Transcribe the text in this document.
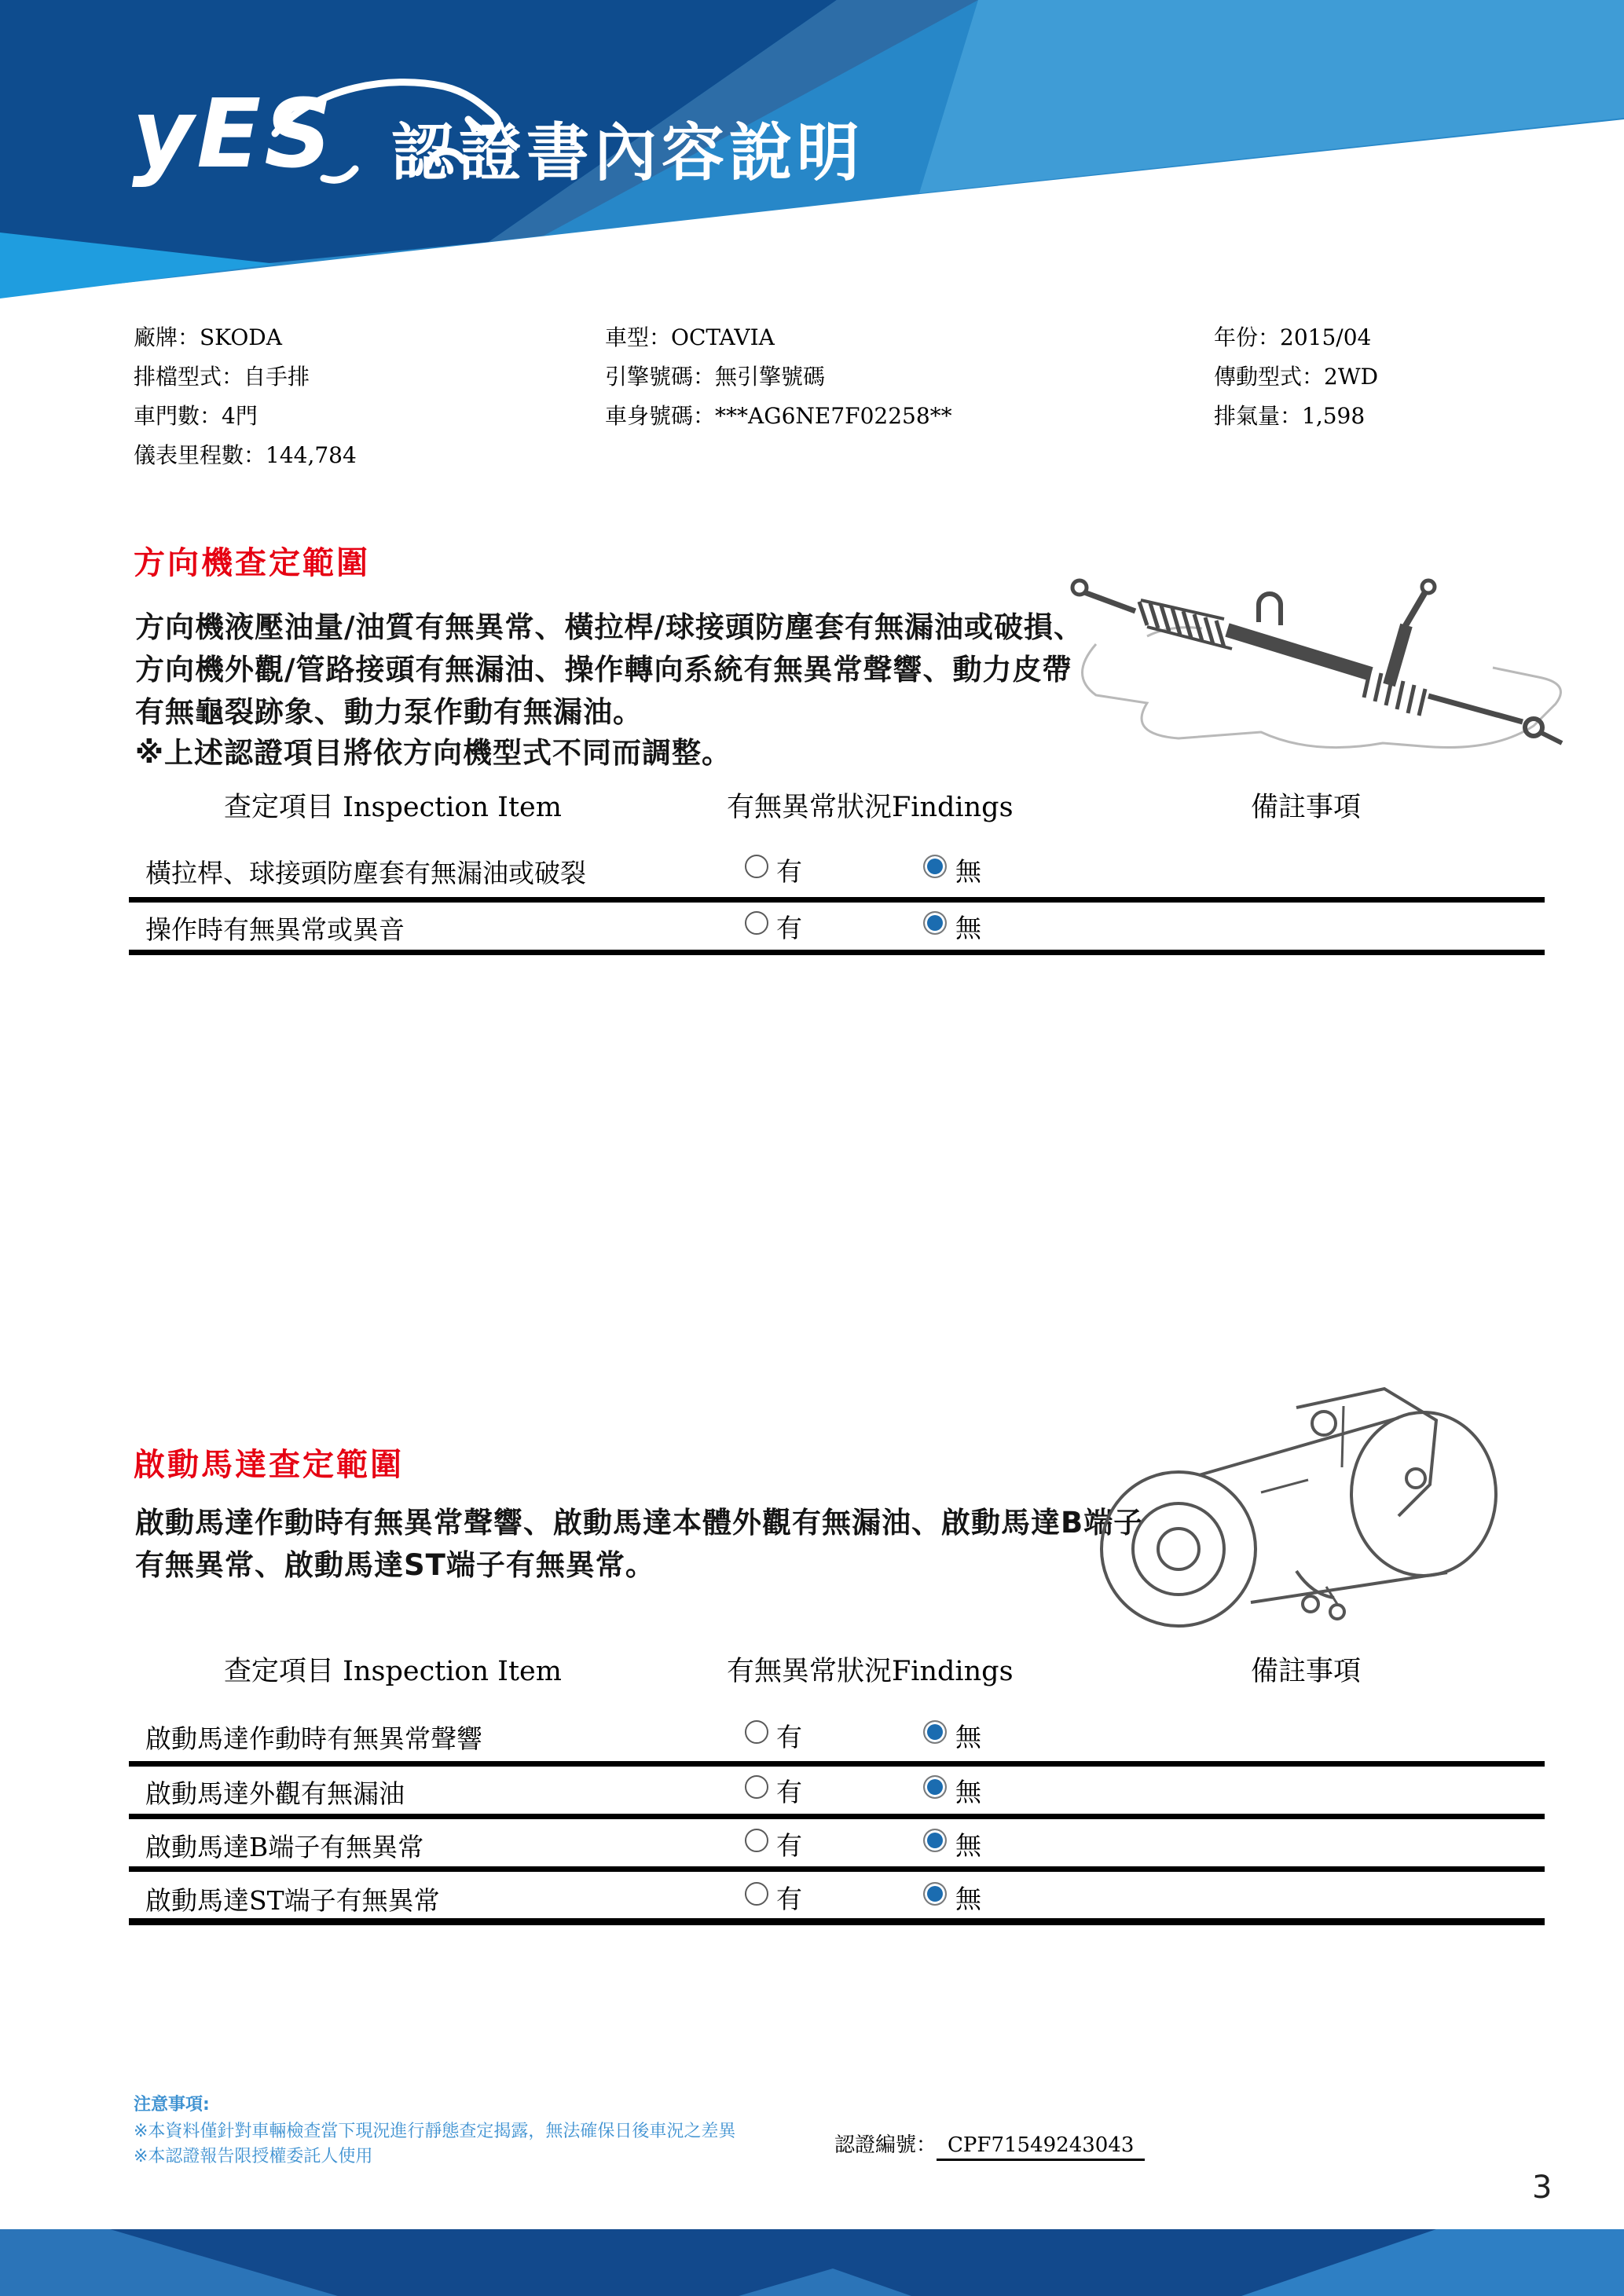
yES 認證書內容說明
廠牌：SKODA
排檔型式：自手排
車門數：4門
儀表里程數：144,784
車型：OCTAVIA
引擎號碼：無引擎號碼
車身號碼：***AG6NE7F02258**
年份：2015/04
傳動型式：2WD
排氣量：1,598
方向機查定範圍
方向機液壓油量/油質有無異常、橫拉桿/球接頭防塵套有無漏油或破損、
方向機外觀/管路接頭有無漏油、操作轉向系統有無異常聲響、動力皮帶
有無龜裂跡象、動力泵作動有無漏油。
※上述認證項目將依方向機型式不同而調整。
查定項目 Inspection Item	有無異常狀況Findings	備註事項
橫拉桿、球接頭防塵套有無漏油或破裂	有	無
操作時有無異常或異音	有	無
啟動馬達查定範圍
啟動馬達作動時有無異常聲響、啟動馬達本體外觀有無漏油、啟動馬達B端子
有無異常、啟動馬達ST端子有無異常。
查定項目 Inspection Item	有無異常狀況Findings	備註事項
啟動馬達作動時有無異常聲響	有	無
啟動馬達外觀有無漏油	有	無
啟動馬達B端子有無異常	有	無
啟動馬達ST端子有無異常	有	無
注意事項:
※本資料僅針對車輛檢查當下現況進行靜態查定揭露，無法確保日後車況之差異
※本認證報告限授權委託人使用	認證編號： CPF71549243043
3
